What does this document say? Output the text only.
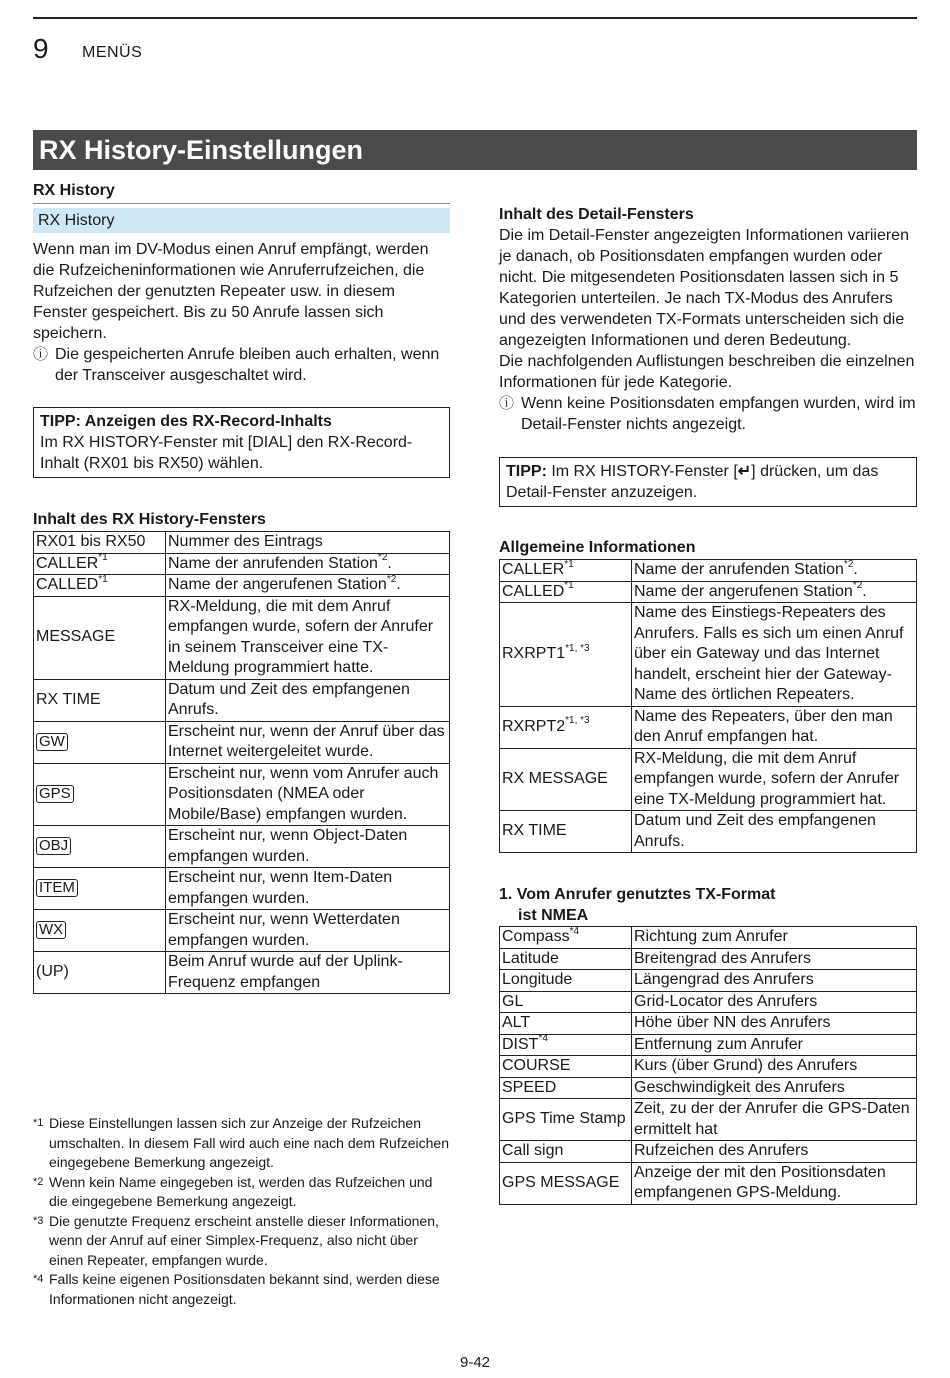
9 MENÜS
RX History-Einstellungen
RX History
RX History

Wenn man im DV-Modus einen Anruf empfängt, werden die Rufzeicheninformationen wie Anruferrufzeichen, die Rufzeichen der genutzten Repeater usw. in diesem Fenster gespeichert. Bis zu 50 Anrufe lassen sich speichern.

ⓘ Die gespeicherten Anrufe bleiben auch erhalten, wenn der Transceiver ausgeschaltet wird.
TIPP: Anzeigen des RX-Record-Inhalts
Im RX HISTORY-Fenster mit [DIAL] den RX-Record-Inhalt (RX01 bis RX50) wählen.
Inhalt des RX History-Fensters
RX01 bis RX50	Nummer des Eintrags
CALLER$^{*1}$	Name der anrufenden Station$^{*2}$.
CALLED$^{*1}$	Name der angerufenen Station$^{*2}$.
MESSAGE	RX-Meldung, die mit dem Anruf empfangen wurde, sofern der Anrufer in seinem Transceiver eine TX-Meldung programmiert hatte.
RX TIME	Datum und Zeit des empfangenen Anrufs.
GW	Erscheint nur, wenn der Anruf über das Internet weitergeleitet wurde.
GPS	Erscheint nur, wenn vom Anrufer auch Positionsdaten (NMEA oder Mobile/Base) empfangen wurden.
OBJ	Erscheint nur, wenn Object-Daten empfangen wurden.
ITEM	Erscheint nur, wenn Item-Daten empfangen wurden.
WX	Erscheint nur, wenn Wetterdaten empfangen wurden.
(UP)	Beim Anruf wurde auf der Uplink-Frequenz empfangen
*1 Diese Einstellungen lassen sich zur Anzeige der Rufzeichen umschalten. In diesem Fall wird auch eine nach dem Rufzeichen eingegebene Bemerkung angezeigt.
*2 Wenn kein Name eingegeben ist, werden das Rufzeichen und die eingegebene Bemerkung angezeigt.
*3 Die genutzte Frequenz erscheint anstelle dieser Informationen, wenn der Anruf auf einer Simplex-Frequenz, also nicht über einen Repeater, empfangen wurde.
*4 Falls keine eigenen Positionsdaten bekannt sind, werden diese Informationen nicht angezeigt.
Inhalt des Detail-Fensters

Die im Detail-Fenster angezeigten Informationen variieren je danach, ob Positionsdaten empfangen wurden oder nicht. Die mitgesendeten Positionsdaten lassen sich in 5 Kategorien unterteilen. Je nach TX-Modus des Anrufers und des verwendeten TX-Formats unterscheiden sich die angezeigten Informationen und deren Bedeutung.

Die nachfolgenden Auflistungen beschreiben die einzelnen Informationen für jede Kategorie.

ⓘ Wenn keine Positionsdaten empfangen wurden, wird im Detail-Fenster nichts angezeigt.
TIPP: Im RX HISTORY-Fenster [↵] drücken, um das Detail-Fenster anzuzeigen.
Allgemeine Informationen
CALLER$^{*1}$	Name der anrufenden Station$^{*2}$.
CALLED$^{*1}$	Name der angerufenen Station$^{*2}$.
$RXRPT1^{*1, *3}$	Name des Einstiegs-Repeaters des Anrufers. Falls es sich um einen Anruf über ein Gateway und das Internet handelt, erscheint hier der Gateway-Name des örtlichen Repeaters.
$RXRPT2^{*1, *3}$	Name des Repeaters, über den man den Anruf empfangen hat.
RX MESSAGE	RX-Meldung, die mit dem Anruf empfangen wurde, sofern der Anrufer eine TX-Meldung programmiert hat.
RX TIME	Datum und Zeit des empfangenen Anrufs.
1. Vom Anrufer genutztes TX-Format
ist NMEA
Compass$^{*4}$	Richtung zum Anrufer
Latitude	Breitengrad des Anrufers
Longitude	Längengrad des Anrufers
GL	Grid-Locator des Anrufers
ALT	Höhe über NN des Anrufers
DIST$^{*4}$	Entfernung zum Anrufer
COURSE	Kurs (über Grund) des Anrufers
SPEED	Geschwindigkeit des Anrufers
GPS Time Stamp	Zeit, zu der der Anrufer die GPS-Daten ermittelt hat
Call sign	Rufzeichen des Anrufers
GPS MESSAGE	Anzeige der mit den Positionsdaten empfangenen GPS-Meldung.
9-42
